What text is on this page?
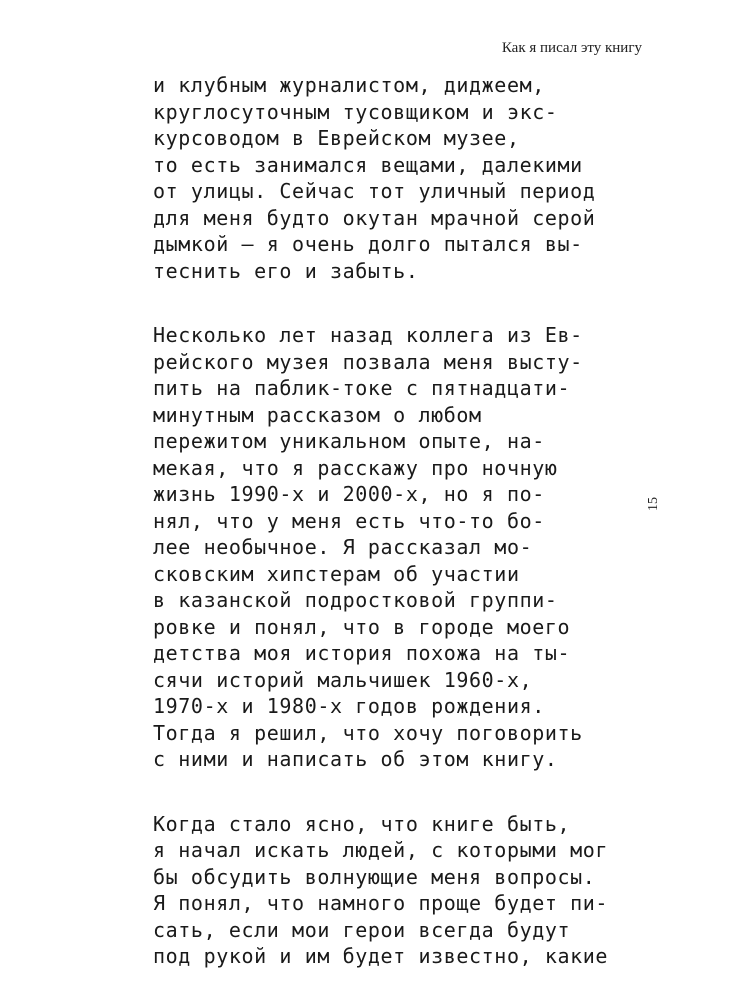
Как я писал эту книгу
15
и клубным журналистом, диджеем,
круглосуточным тусовщиком и экс-
курсоводом в Еврейском музее,
то есть занимался вещами, далекими
от улицы. Сейчас тот уличный период
для меня будто окутан мрачной серой
дымкой — я очень долго пытался вы-
теснить его и забыть.
Несколько лет назад коллега из Ев-
рейского музея позвала меня высту-
пить на паблик-токе с пятнадцати-
минутным рассказом о любом
пережитом уникальном опыте, на-
мекая, что я расскажу про ночную
жизнь 1990-х и 2000-х, но я по-
нял, что у меня есть что-то бо-
лее необычное. Я рассказал мо-
сковским хипстерам об участии
в казанской подростковой группи-
ровке и понял, что в городе моего
детства моя история похожа на ты-
сячи историй мальчишек 1960-х,
1970-х и 1980-х годов рождения.
Тогда я решил, что хочу поговорить
с ними и написать об этом книгу.
Когда стало ясно, что книге быть,
я начал искать людей, с которыми мог
бы обсудить волнующие меня вопросы.
Я понял, что намного проще будет пи-
сать, если мои герои всегда будут
под рукой и им будет известно, какие
